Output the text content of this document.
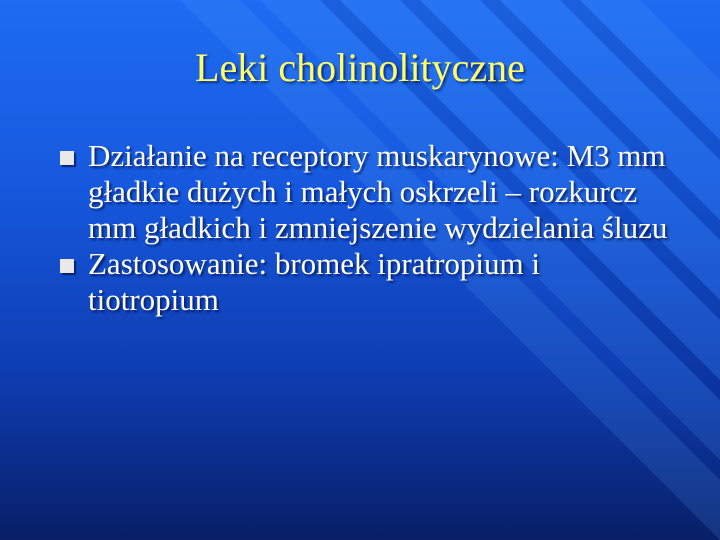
Leki cholinolityczne
Działanie na receptory muskarynowe: M3 mm gładkie dużych i małych oskrzeli – rozkurcz mm gładkich i zmniejszenie wydzielania śluzu
Zastosowanie: bromek ipratropium i tiotropium
